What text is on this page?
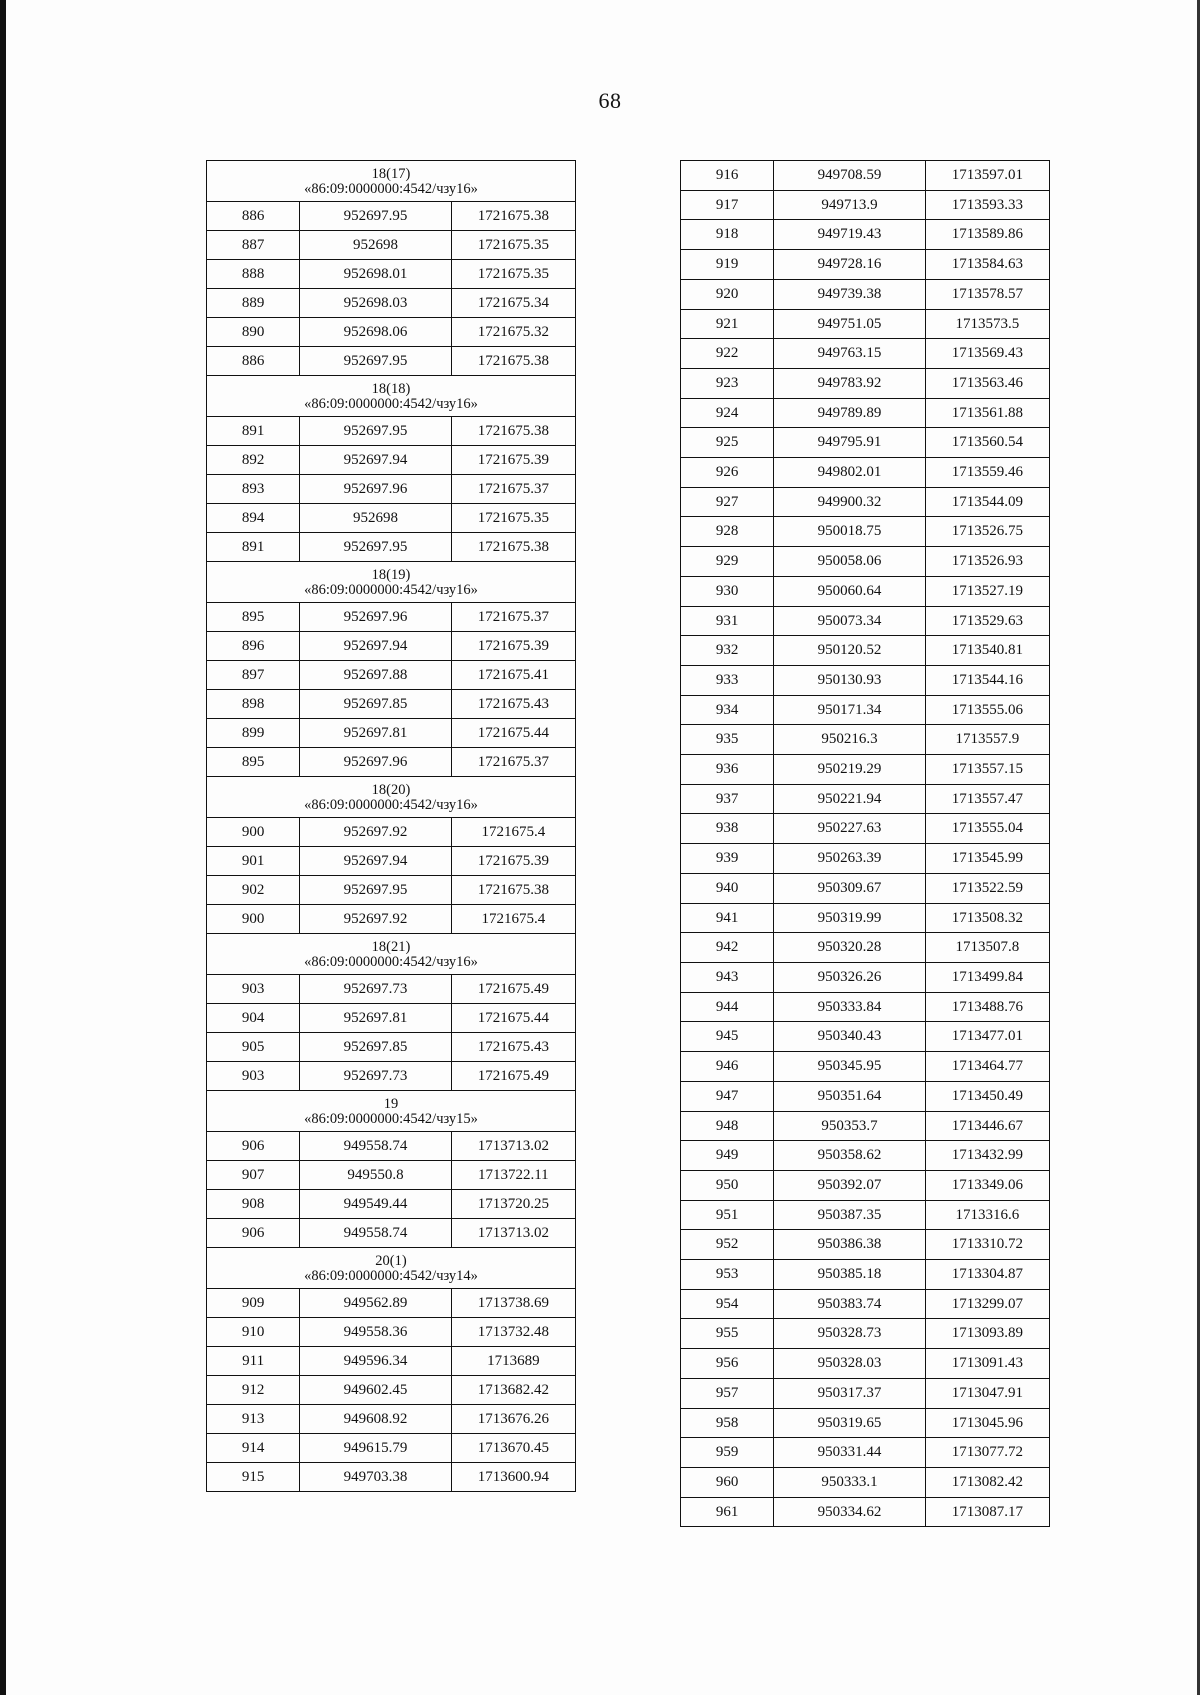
68
18(17)
«86:09:0000000:4542/чзу16»		

886	952697.95	1721675.38
887	952698	1721675.35
888	952698.01	1721675.35
889	952698.03	1721675.34
890	952698.06	1721675.32
886	952697.95	1721675.38

18(18)
«86:09:0000000:4542/чзу16»		

891	952697.95	1721675.38
892	952697.94	1721675.39
893	952697.96	1721675.37
894	952698	1721675.35
891	952697.95	1721675.38

18(19)
«86:09:0000000:4542/чзу16»		

895	952697.96	1721675.37
896	952697.94	1721675.39
897	952697.88	1721675.41
898	952697.85	1721675.43
899	952697.81	1721675.44
895	952697.96	1721675.37

18(20)
«86:09:0000000:4542/чзу16»		

900	952697.92	1721675.4
901	952697.94	1721675.39
902	952697.95	1721675.38
900	952697.92	1721675.4

18(21)
«86:09:0000000:4542/чзу16»		

903	952697.73	1721675.49
904	952697.81	1721675.44
905	952697.85	1721675.43
903	952697.73	1721675.49

19
«86:09:0000000:4542/чзу15»		

906	949558.74	1713713.02
907	949550.8	1713722.11
908	949549.44	1713720.25
906	949558.74	1713713.02

20(1)
«86:09:0000000:4542/чзу14»		

909	949562.89	1713738.69
910	949558.36	1713732.48
911	949596.34	1713689
912	949602.45	1713682.42
913	949608.92	1713676.26
914	949615.79	1713670.45
915	949703.38	1713600.94
916	949708.59	1713597.01
917	949713.9	1713593.33
918	949719.43	1713589.86
919	949728.16	1713584.63
920	949739.38	1713578.57
921	949751.05	1713573.5
922	949763.15	1713569.43
923	949783.92	1713563.46
924	949789.89	1713561.88
925	949795.91	1713560.54
926	949802.01	1713559.46
927	949900.32	1713544.09
928	950018.75	1713526.75
929	950058.06	1713526.93
930	950060.64	1713527.19
931	950073.34	1713529.63
932	950120.52	1713540.81
933	950130.93	1713544.16
934	950171.34	1713555.06
935	950216.3	1713557.9
936	950219.29	1713557.15
937	950221.94	1713557.47
938	950227.63	1713555.04
939	950263.39	1713545.99
940	950309.67	1713522.59
941	950319.99	1713508.32
942	950320.28	1713507.8
943	950326.26	1713499.84
944	950333.84	1713488.76
945	950340.43	1713477.01
946	950345.95	1713464.77
947	950351.64	1713450.49
948	950353.7	1713446.67
949	950358.62	1713432.99
950	950392.07	1713349.06
951	950387.35	1713316.6
952	950386.38	1713310.72
953	950385.18	1713304.87
954	950383.74	1713299.07
955	950328.73	1713093.89
956	950328.03	1713091.43
957	950317.37	1713047.91
958	950319.65	1713045.96
959	950331.44	1713077.72
960	950333.1	1713082.42
961	950334.62	1713087.17
